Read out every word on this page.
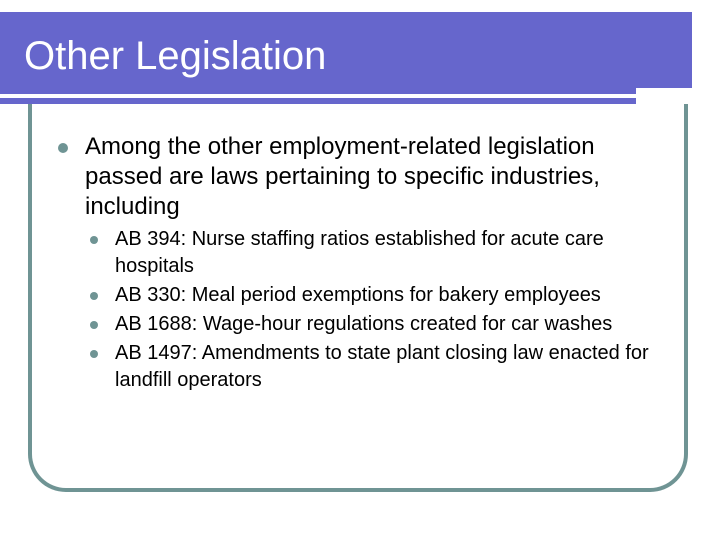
Other Legislation
Among the other employment-related legislation passed are laws pertaining to specific industries, including
AB 394: Nurse staffing ratios established for acute care hospitals
AB 330: Meal period exemptions for bakery employees
AB 1688: Wage-hour regulations created for car washes
AB 1497: Amendments to state plant closing law enacted for landfill operators
